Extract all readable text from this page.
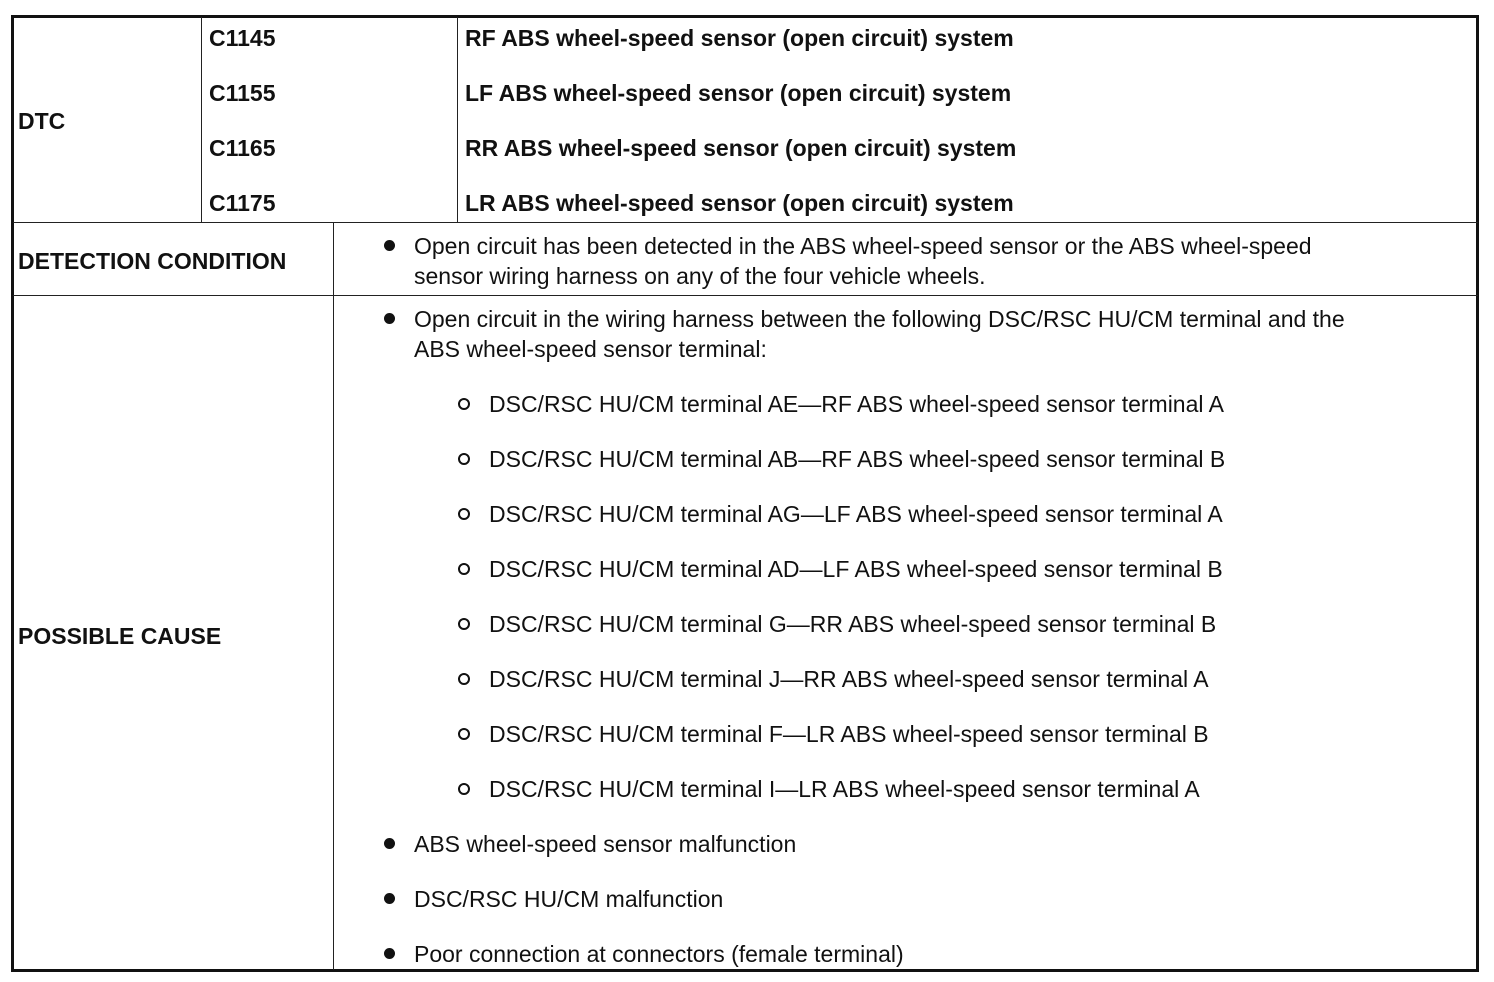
DTC
C1145
C1155
C1165
C1175
RF ABS wheel-speed sensor (open circuit) system
LF ABS wheel-speed sensor (open circuit) system
RR ABS wheel-speed sensor (open circuit) system
LR ABS wheel-speed sensor (open circuit) system
DETECTION CONDITION
Open circuit has been detected in the ABS wheel-speed sensor or the ABS wheel-speed
sensor wiring harness on any of the four vehicle wheels.
POSSIBLE CAUSE
Open circuit in the wiring harness between the following DSC/RSC HU/CM terminal and the
ABS wheel-speed sensor terminal:
DSC/RSC HU/CM terminal AE—RF ABS wheel-speed sensor terminal A
DSC/RSC HU/CM terminal AB—RF ABS wheel-speed sensor terminal B
DSC/RSC HU/CM terminal AG—LF ABS wheel-speed sensor terminal A
DSC/RSC HU/CM terminal AD—LF ABS wheel-speed sensor terminal B
DSC/RSC HU/CM terminal G—RR ABS wheel-speed sensor terminal B
DSC/RSC HU/CM terminal J—RR ABS wheel-speed sensor terminal A
DSC/RSC HU/CM terminal F—LR ABS wheel-speed sensor terminal B
DSC/RSC HU/CM terminal I—LR ABS wheel-speed sensor terminal A
ABS wheel-speed sensor malfunction
DSC/RSC HU/CM malfunction
Poor connection at connectors (female terminal)
